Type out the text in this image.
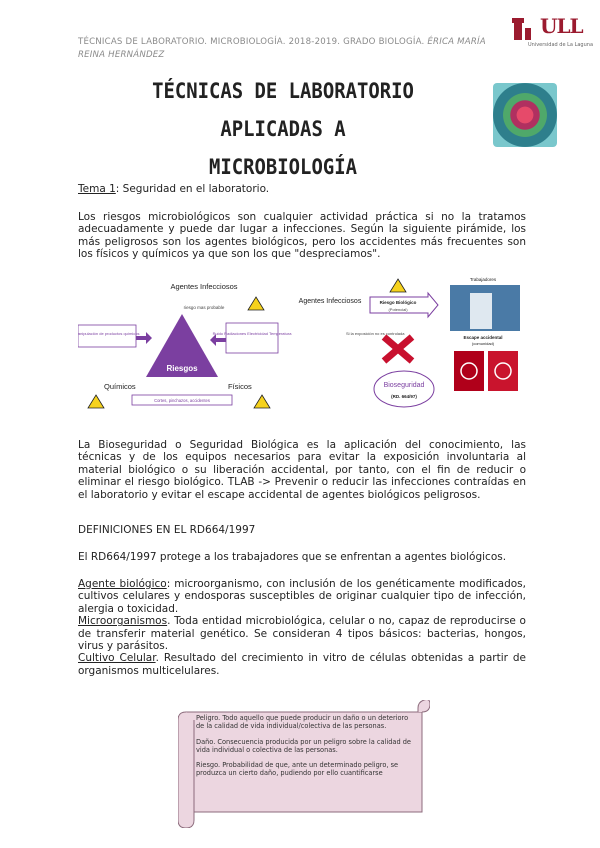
TÉCNICAS DE LABORATORIO. MICROBIOLOGÍA. 2018-2019. GRADO BIOLOGÍA. ÉRICA MARÍA REINA HERNÁNDEZ
ULL
Universidad de La Laguna
TÉCNICAS DE LABORATORIO APLICADAS A
MICROBIOLOGÍA
Tema 1: Seguridad en el laboratorio.
Los riesgos microbiológicos son cualquier actividad práctica si no la tratamos adecuadamente y puede dar lugar a infecciones. Según la siguiente pirámide, los más peligrosos son los agentes biológicos, pero los accidentes más frecuentes son los físicos y químicos ya que son los que "despreciamos".
Agentes Infecciosos
riesgo mas probable
Riesgos
Manipulación de productos químicos	Ruido Radiaciones Electricidad Temperatura
Químicos	Físicos
Cortes, pinchazos, accidentes
Agentes Infecciosos	Riesgo Biológico
(Potencial)
Si la exposición no es controlada
Bioseguridad
(RD. 664/97)
Trabajadores
Escape accidental
(comunidad)
La Bioseguridad o Seguridad Biológica es la aplicación del conocimiento, las técnicas y de los equipos necesarios para evitar la exposición involuntaria al material biológico o su liberación accidental, por tanto, con el fin de reducir o eliminar el riesgo biológico. TLAB -> Prevenir o reducir las infecciones contraídas en el laboratorio y evitar el escape accidental de agentes biológicos peligrosos.
DEFINICIONES EN EL RD664/1997
El RD664/1997 protege a los trabajadores que se enfrentan a agentes biológicos.
Agente biológico: microorganismo, con inclusión de los genéticamente modificados, cultivos celulares y endosporas susceptibles de originar cualquier tipo de infección, alergia o toxicidad.
Microorganismos. Toda entidad microbiológica, celular o no, capaz de reproducirse o de transferir material genético. Se consideran 4 tipos básicos: bacterias, hongos, virus y parásitos.
Cultivo Celular. Resultado del crecimiento in vitro de células obtenidas a partir de organismos multicelulares.

Peligro. Todo aquello que puede producir un daño o un deterioro de la calidad de vida individual/colectiva de las personas.

Daño. Consecuencia producida por un peligro sobre la calidad de vida individual o colectiva de las personas.

Riesgo. Probabilidad de que, ante un determinado peligro, se produzca un cierto daño, pudiendo por ello cuantificarse
